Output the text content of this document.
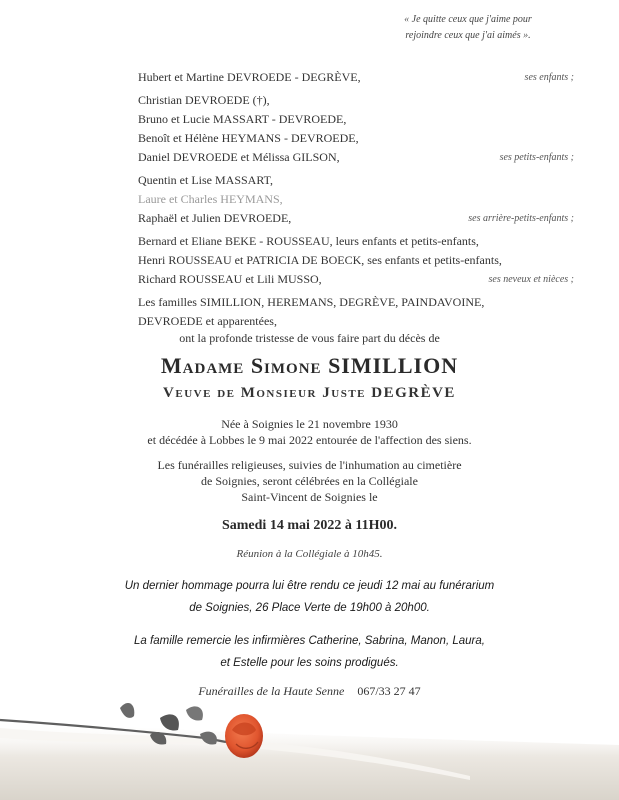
« Je quitte ceux que j'aime pour
rejoindre ceux que j'ai aimés ».
Hubert et Martine DEVROEDE - DEGRÈVE,	ses enfants ;
Christian DEVROEDE (†),
Bruno et Lucie MASSART - DEVROEDE,
Benoît et Hélène HEYMANS - DEVROEDE,
Daniel DEVROEDE et Mélissa GILSON,	ses petits-enfants ;
Quentin et Lise MASSART,
Laure et Charles HEYMANS,
Raphaël et Julien DEVROEDE,	ses arrière-petits-enfants ;
Bernard et Eliane BEKE - ROUSSEAU, leurs enfants et petits-enfants,
Henri ROUSSEAU et PATRICIA DE BOECK, ses enfants et petits-enfants,
Richard ROUSSEAU et Lili MUSSO,	ses neveux et nièces ;
Les familles SIMILLION, HEREMANS, DEGRÈVE, PAINDAVOINE,
DEVROEDE et apparentées,
ont la profonde tristesse de vous faire part du décès de
Madame Simone SIMILLION
Veuve de Monsieur Juste DEGRÈVE
Née à Soignies le 21 novembre 1930
et décédée à Lobbes le 9 mai 2022 entourée de l'affection des siens.
Les funérailles religieuses, suivies de l'inhumation au cimetière
de Soignies, seront célébrées en la Collégiale
Saint-Vincent de Soignies le
Samedi 14 mai 2022 à 11H00.
Réunion à la Collégiale à 10h45.
Un dernier hommage pourra lui être rendu ce jeudi 12 mai au funérarium
de Soignies, 26 Place Verte de 19h00 à 20h00.
La famille remercie les infirmières Catherine, Sabrina, Manon, Laura,
et Estelle pour les soins prodigués.
Funérailles de la Haute Senne 067/33 27 47
